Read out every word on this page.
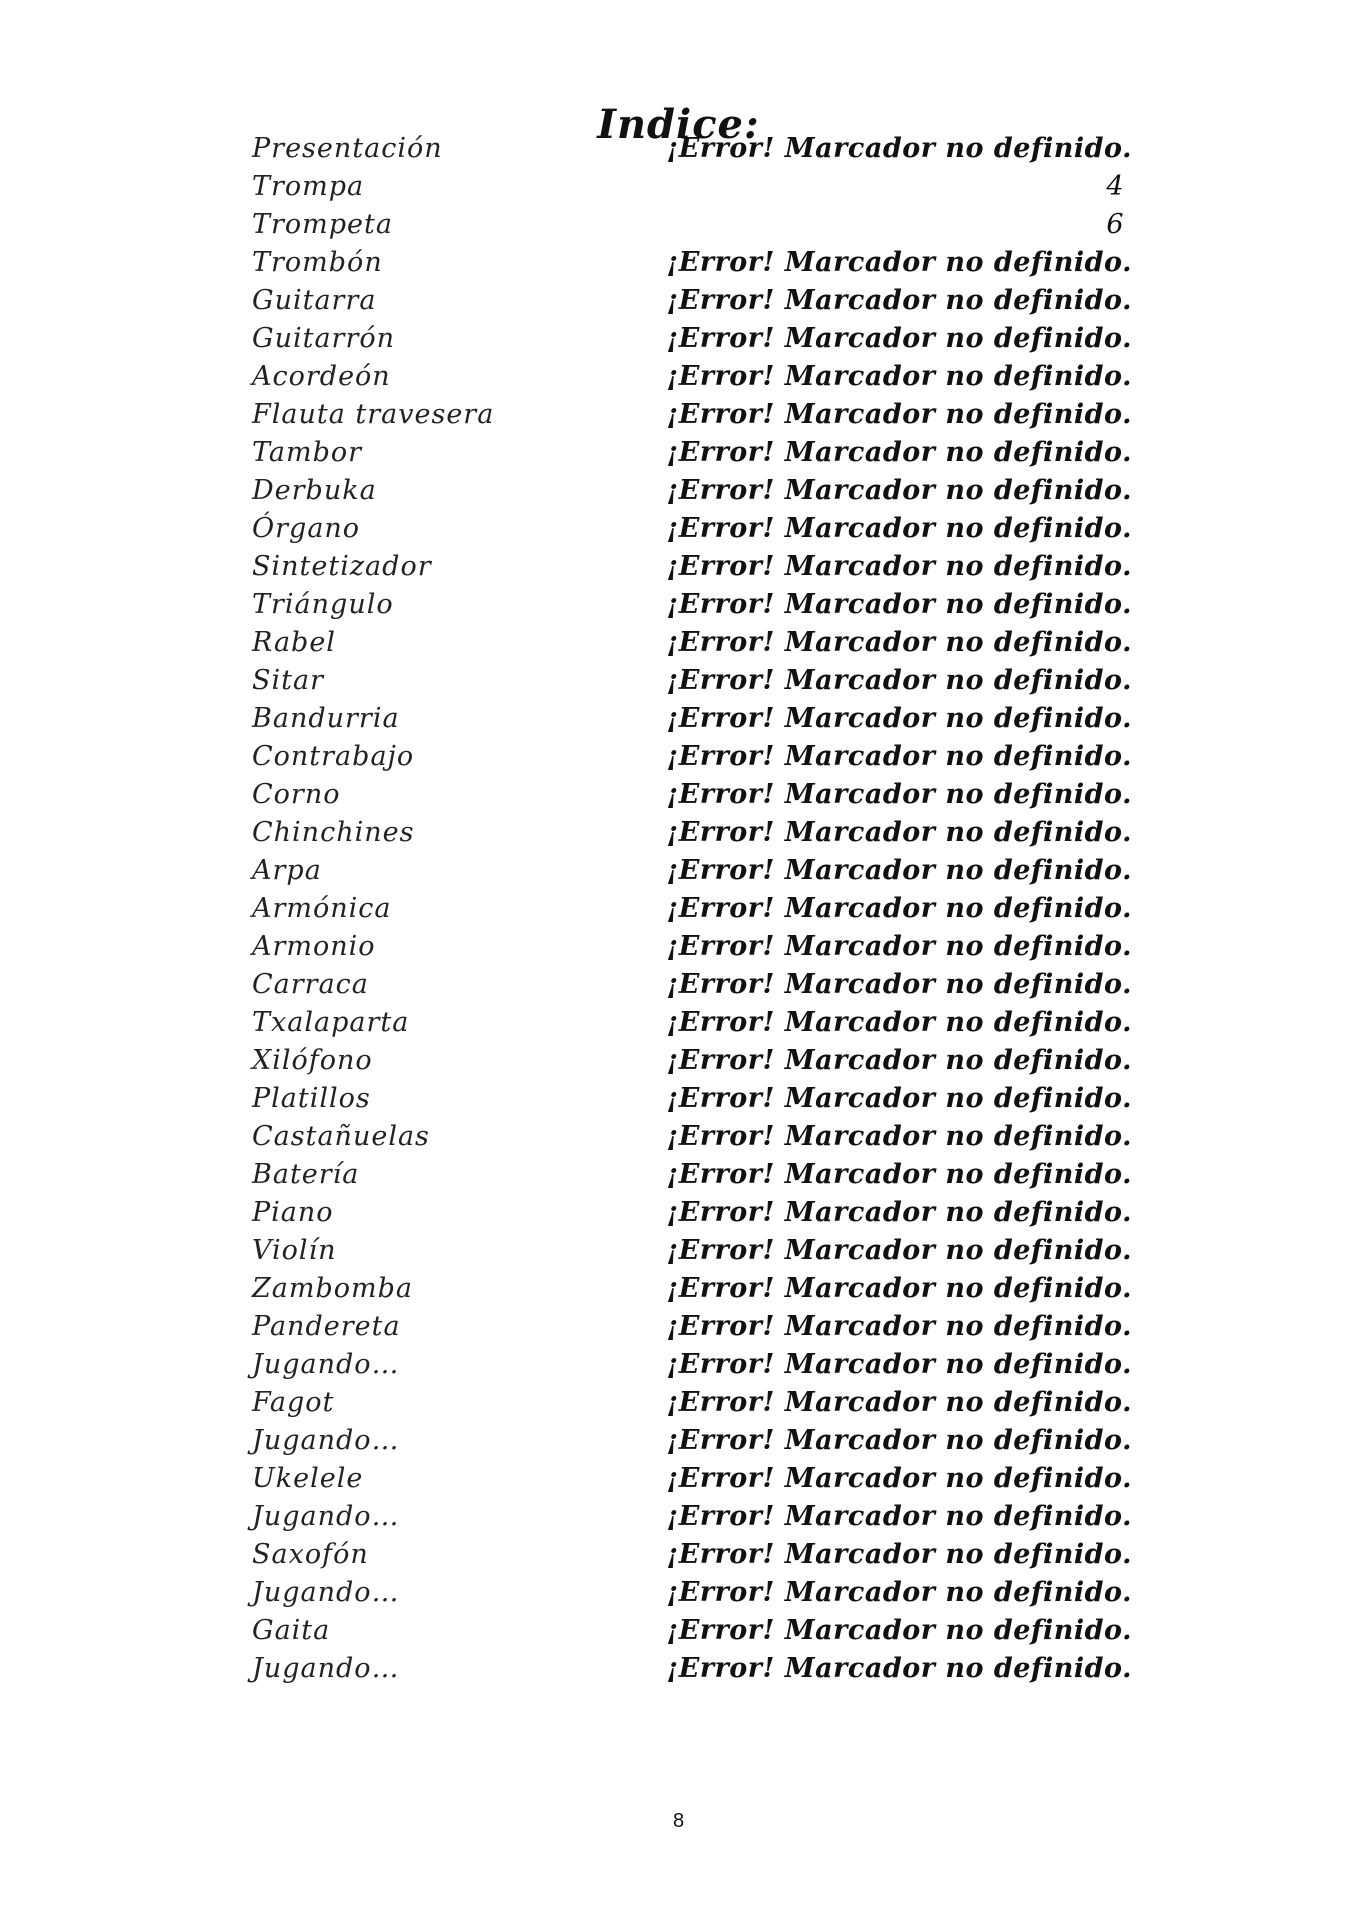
Indice:
Presentación	¡Error! Marcador no definido.
Trompa	4
Trompeta	6
Trombón	¡Error! Marcador no definido.
Guitarra	¡Error! Marcador no definido.
Guitarrón	¡Error! Marcador no definido.
Acordeón	¡Error! Marcador no definido.
Flauta travesera	¡Error! Marcador no definido.
Tambor	¡Error! Marcador no definido.
Derbuka	¡Error! Marcador no definido.
Órgano	¡Error! Marcador no definido.
Sintetizador	¡Error! Marcador no definido.
Triángulo	¡Error! Marcador no definido.
Rabel	¡Error! Marcador no definido.
Sitar	¡Error! Marcador no definido.
Bandurria	¡Error! Marcador no definido.
Contrabajo	¡Error! Marcador no definido.
Corno	¡Error! Marcador no definido.
Chinchines	¡Error! Marcador no definido.
Arpa	¡Error! Marcador no definido.
Armónica	¡Error! Marcador no definido.
Armonio	¡Error! Marcador no definido.
Carraca	¡Error! Marcador no definido.
Txalaparta	¡Error! Marcador no definido.
Xilófono	¡Error! Marcador no definido.
Platillos	¡Error! Marcador no definido.
Castañuelas	¡Error! Marcador no definido.
Batería	¡Error! Marcador no definido.
Piano	¡Error! Marcador no definido.
Violín	¡Error! Marcador no definido.
Zambomba	¡Error! Marcador no definido.
Pandereta	¡Error! Marcador no definido.
Jugando…	¡Error! Marcador no definido.
Fagot	¡Error! Marcador no definido.
Jugando…	¡Error! Marcador no definido.
Ukelele	¡Error! Marcador no definido.
Jugando…	¡Error! Marcador no definido.
Saxofón	¡Error! Marcador no definido.
Jugando…	¡Error! Marcador no definido.
Gaita	¡Error! Marcador no definido.
Jugando…	¡Error! Marcador no definido.
8
